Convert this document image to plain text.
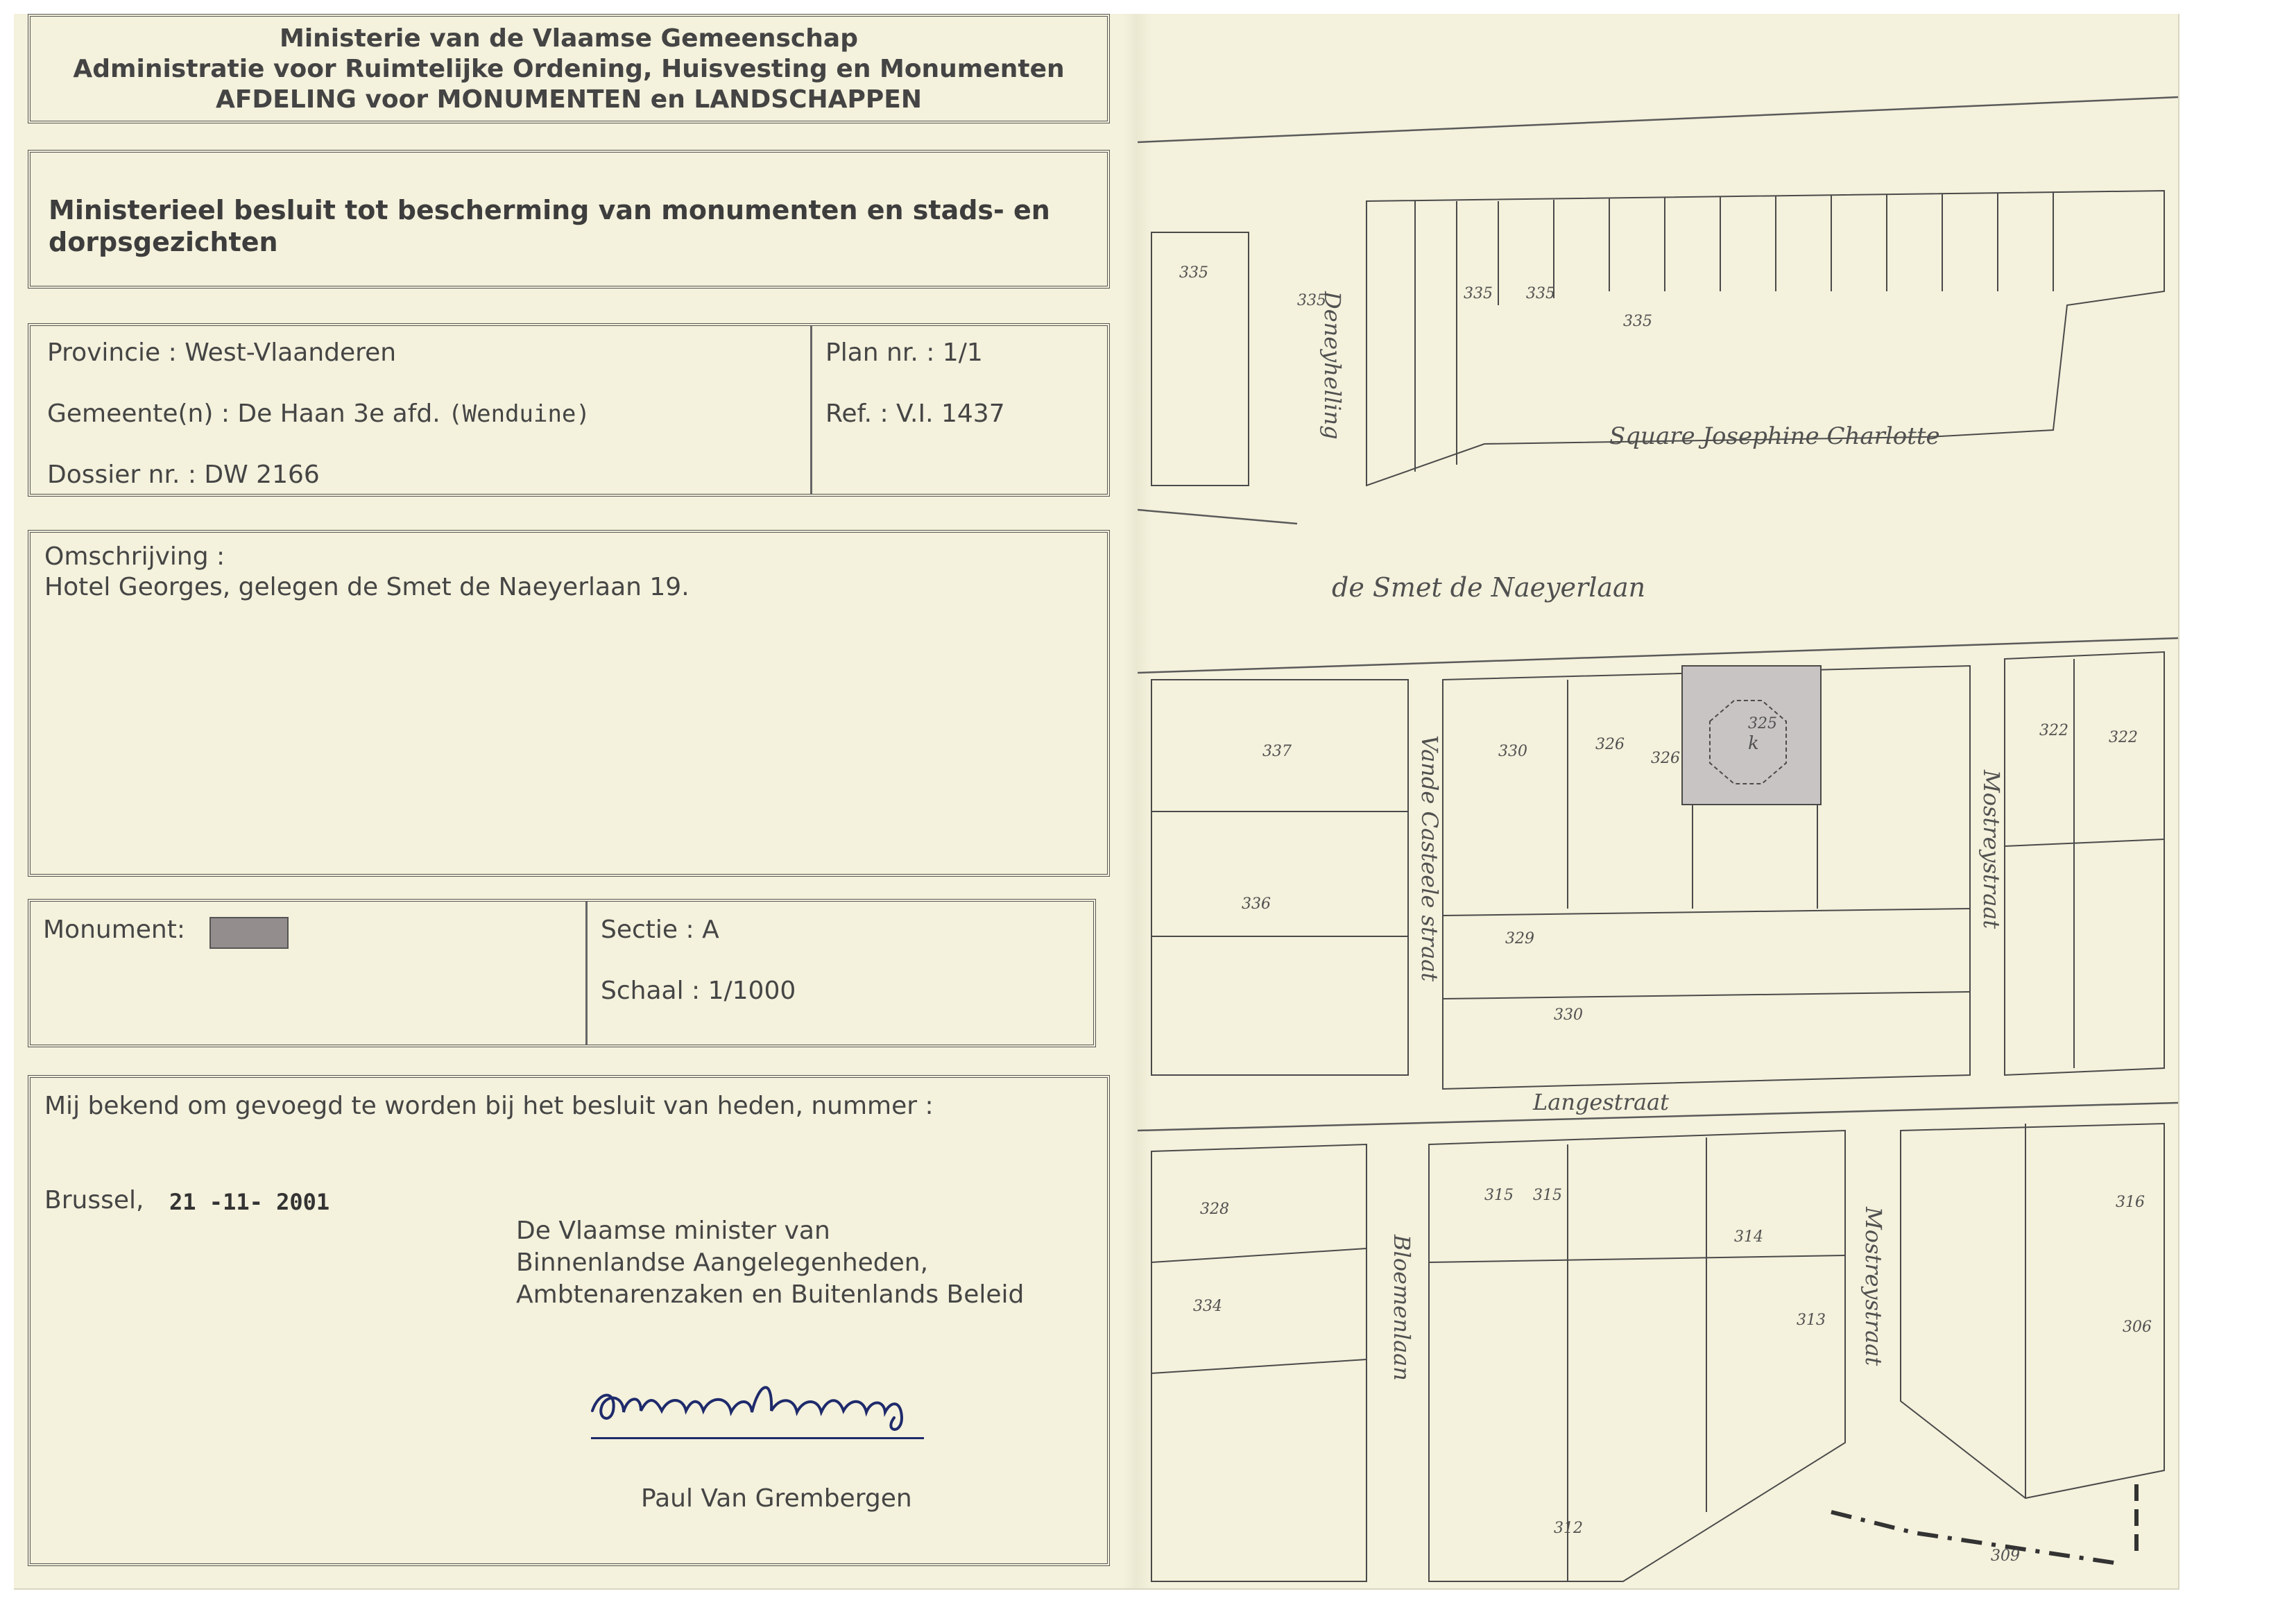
Ministerie van de Vlaamse Gemeenschap
Administratie voor Ruimtelijke Ordening, Huisvesting en Monumenten
AFDELING voor MONUMENTEN en LANDSCHAPPEN
Ministerieel besluit tot bescherming van monumenten en stads- en
dorpsgezichten
Provincie : West-Vlaanderen
Gemeente(n) : De Haan 3e afd. (Wenduine)
Dossier nr. : DW 2166
Plan nr. : 1/1
Ref. : V.I. 1437
Omschrijving :
Hotel Georges, gelegen de Smet de Naeyerlaan 19.
Monument:	Sectie : A
Schaal : 1/1000
Mij bekend om gevoegd te worden bij het besluit van heden, nummer :
Brussel, 21 -11- 2001
De Vlaamse minister van
Binnenlandse Aangelegenheden,
Ambtenarenzaken en Buitenlands Beleid
Paul Van Grembergen
k
Square Josephine Charlotte
de Smet de Naeyerlaan
Deneyhelling
Vande Casteele straat	Mostreystraat
Langestraat
Bloemenlaan	Mostreystraat
335
335	335 335
335
330	326
326
325	322	322
329
330
328
315 315
314
313
312
316
306
309
334
337
336
